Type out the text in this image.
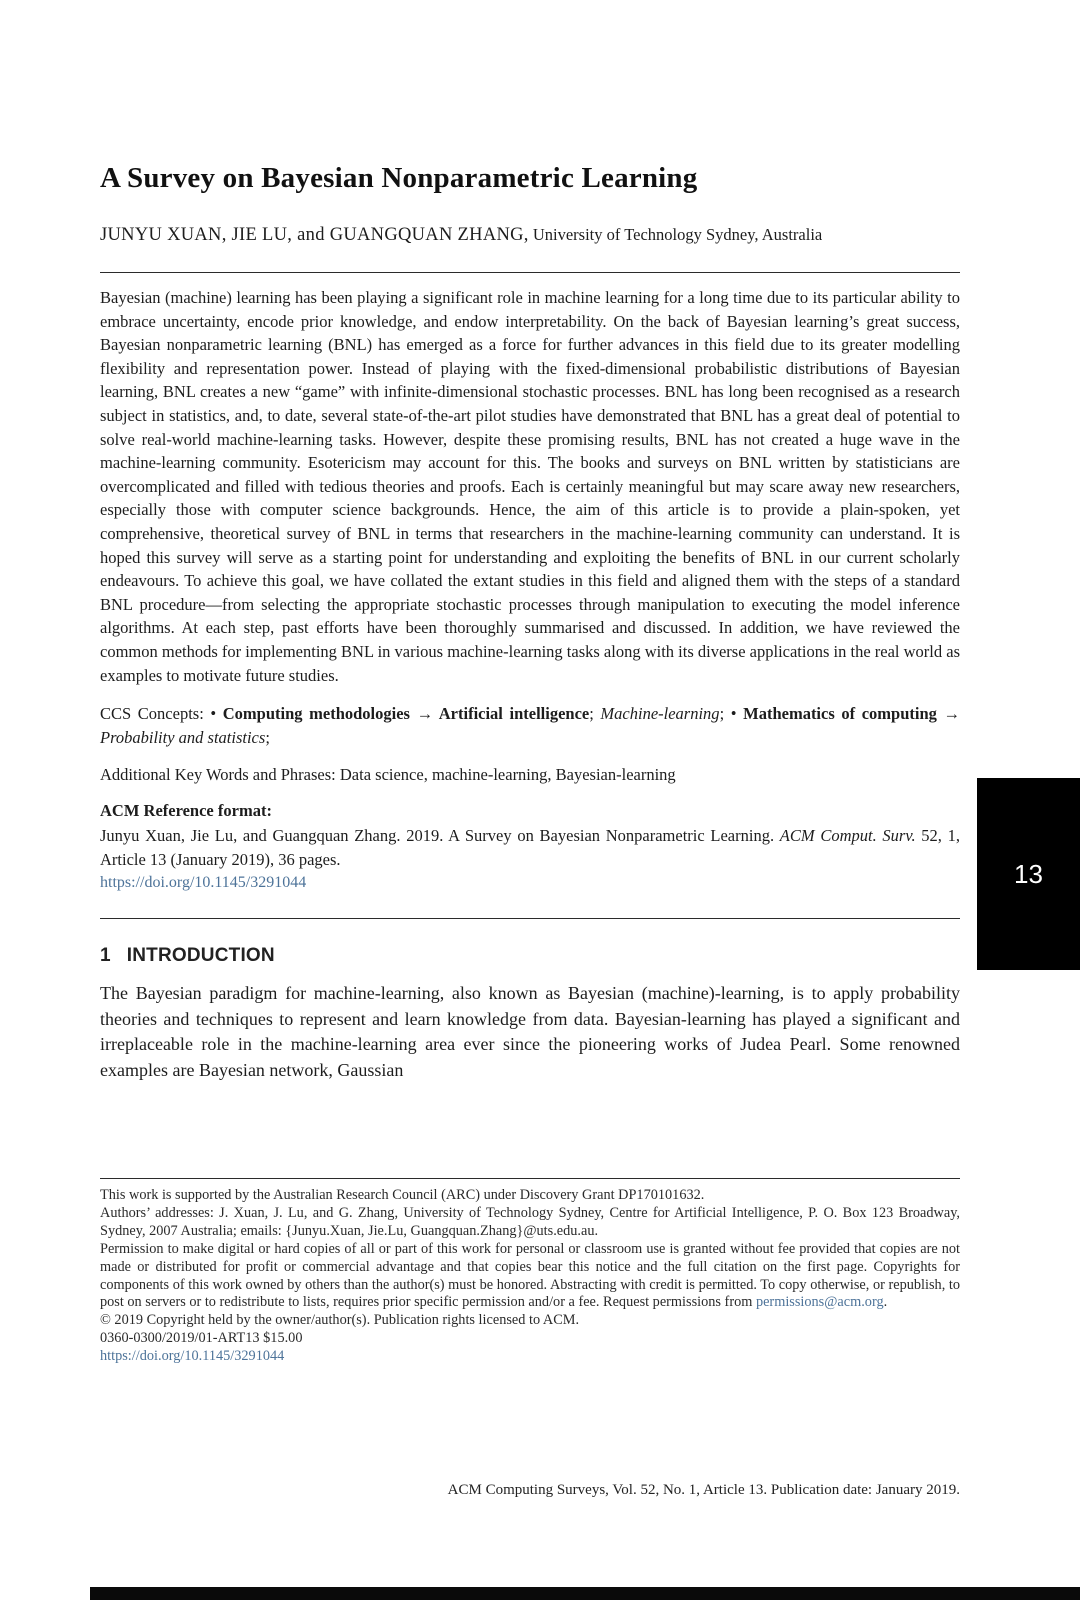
A Survey on Bayesian Nonparametric Learning
JUNYU XUAN, JIE LU, and GUANGQUAN ZHANG, University of Technology Sydney, Australia
Bayesian (machine) learning has been playing a significant role in machine learning for a long time due to its particular ability to embrace uncertainty, encode prior knowledge, and endow interpretability. On the back of Bayesian learning’s great success, Bayesian nonparametric learning (BNL) has emerged as a force for further advances in this field due to its greater modelling flexibility and representation power. Instead of playing with the fixed-dimensional probabilistic distributions of Bayesian learning, BNL creates a new “game” with infinite-dimensional stochastic processes. BNL has long been recognised as a research subject in statistics, and, to date, several state-of-the-art pilot studies have demonstrated that BNL has a great deal of potential to solve real-world machine-learning tasks. However, despite these promising results, BNL has not created a huge wave in the machine-learning community. Esotericism may account for this. The books and surveys on BNL written by statisticians are overcomplicated and filled with tedious theories and proofs. Each is certainly meaningful but may scare away new researchers, especially those with computer science backgrounds. Hence, the aim of this article is to provide a plain-spoken, yet comprehensive, theoretical survey of BNL in terms that researchers in the machine-learning community can understand. It is hoped this survey will serve as a starting point for understanding and exploiting the benefits of BNL in our current scholarly endeavours. To achieve this goal, we have collated the extant studies in this field and aligned them with the steps of a standard BNL procedure—from selecting the appropriate stochastic processes through manipulation to executing the model inference algorithms. At each step, past efforts have been thoroughly summarised and discussed. In addition, we have reviewed the common methods for implementing BNL in various machine-learning tasks along with its diverse applications in the real world as examples to motivate future studies.
CCS Concepts: • Computing methodologies → Artificial intelligence; Machine-learning; • Mathematics of computing → Probability and statistics;
Additional Key Words and Phrases: Data science, machine-learning, Bayesian-learning
ACM Reference format:
Junyu Xuan, Jie Lu, and Guangquan Zhang. 2019. A Survey on Bayesian Nonparametric Learning. ACM Comput. Surv. 52, 1, Article 13 (January 2019), 36 pages.
https://doi.org/10.1145/3291044
1 INTRODUCTION
The Bayesian paradigm for machine-learning, also known as Bayesian (machine)-learning, is to apply probability theories and techniques to represent and learn knowledge from data. Bayesian-learning has played a significant and irreplaceable role in the machine-learning area ever since the pioneering works of Judea Pearl. Some renowned examples are Bayesian network, Gaussian

This work is supported by the Australian Research Council (ARC) under Discovery Grant DP170101632.

Authors’ addresses: J. Xuan, J. Lu, and G. Zhang, University of Technology Sydney, Centre for Artificial Intelligence, P. O. Box 123 Broadway, Sydney, 2007 Australia; emails: {Junyu.Xuan, Jie.Lu, Guangquan.Zhang}@uts.edu.au.

Permission to make digital or hard copies of all or part of this work for personal or classroom use is granted without fee provided that copies are not made or distributed for profit or commercial advantage and that copies bear this notice and the full citation on the first page. Copyrights for components of this work owned by others than the author(s) must be honored. Abstracting with credit is permitted. To copy otherwise, or republish, to post on servers or to redistribute to lists, requires prior specific permission and/or a fee. Request permissions from permissions@acm.org.

© 2019 Copyright held by the owner/author(s). Publication rights licensed to ACM.

0360-0300/2019/01-ART13 $15.00

https://doi.org/10.1145/3291044

ACM Computing Surveys, Vol. 52, No. 1, Article 13. Publication date: January 2019.
13
